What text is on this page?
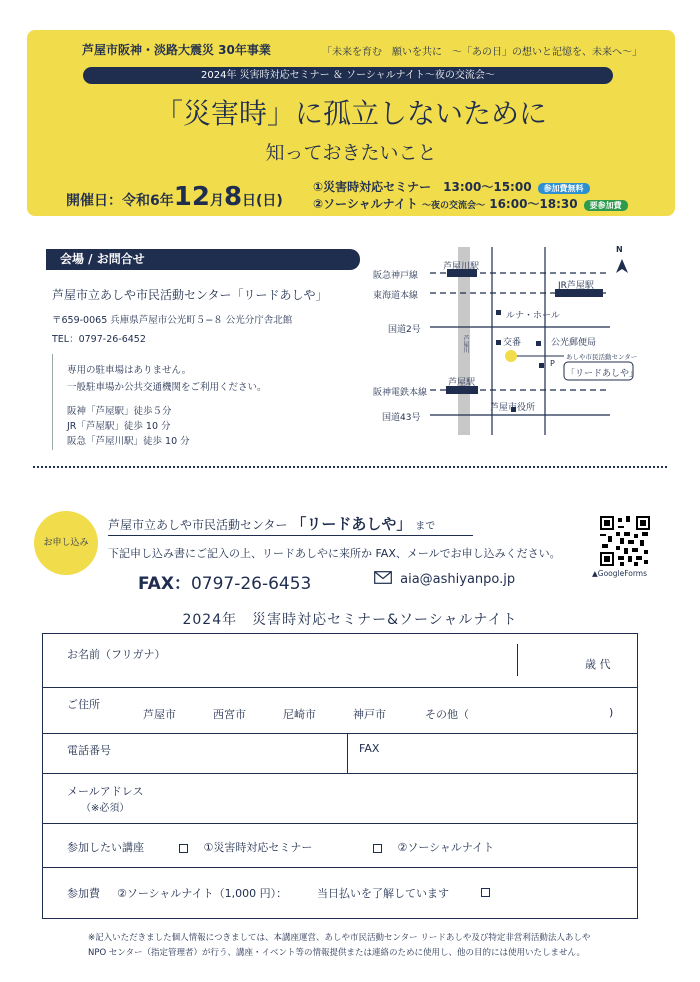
芦屋市阪神・淡路大震災 30年事業	「未来を育む　願いを共に　〜「あの日」の想いと記憶を、未来へ〜」
2024年 災害時対応セミナー ＆ ソーシャルナイト〜夜の交流会〜
「災害時」に孤立しないために
知っておきたいこと
開催日：令和6年12月8日(日)
①災害時対応セミナー　13:00〜15:00 参加費無料
②ソーシャルナイト 〜夜の交流会〜 16:00〜18:30 要参加費
会場 / お問合せ
芦屋市立あしや市民活動センター「リードあしや」
〒659-0065 兵庫県芦屋市公光町５−８ 公光分庁舎北館
TEL：0797-26-6452
専用の駐車場はありません。
一般駐車場か公共交通機関をご利用ください。
阪神「芦屋駅」徒歩５分
JR「芦屋駅」徒歩 10 分
阪急「芦屋川駅」徒歩 10 分
N
芦屋川駅
阪急神戸線
東海道本線
JR芦屋駅
ルナ・ホール
国道2号
芦屋川	交番	公光郵便局
P
あしや市民活動センター
「リードあしや」
芦屋駅
阪神電鉄本線
芦屋市役所
国道43号
お申し込み
芦屋市立あしや市民活動センター 「リードあしや」 まで
下記申し込み書にご記入の上、リードあしやに来所か FAX、メールでお申し込みください。
FAX：0797-26-6453	aia@ashiyanpo.jp	▲GoogleForms
2024年　災害時対応セミナー&ソーシャルナイト
お名前（フリガナ）
歳 代
ご住所
芦屋市	西宮市	尼崎市	神戸市	その他（	)
電話番号	FAX
メールアドレス
（※必須）
参加したい講座	①災害時対応セミナー	②ソーシャルナイト
参加費 ②ソーシャルナイト（1,000 円）：	当日払いを了解しています
※記入いただきました個人情報につきましては、本講座運営、あしや市民活動センター リードあしや及び特定非営利活動法人あしや
NPO センター（指定管理者）が行う、講座・イベント等の情報提供または連絡のために使用し、他の目的には使用いたしません。
